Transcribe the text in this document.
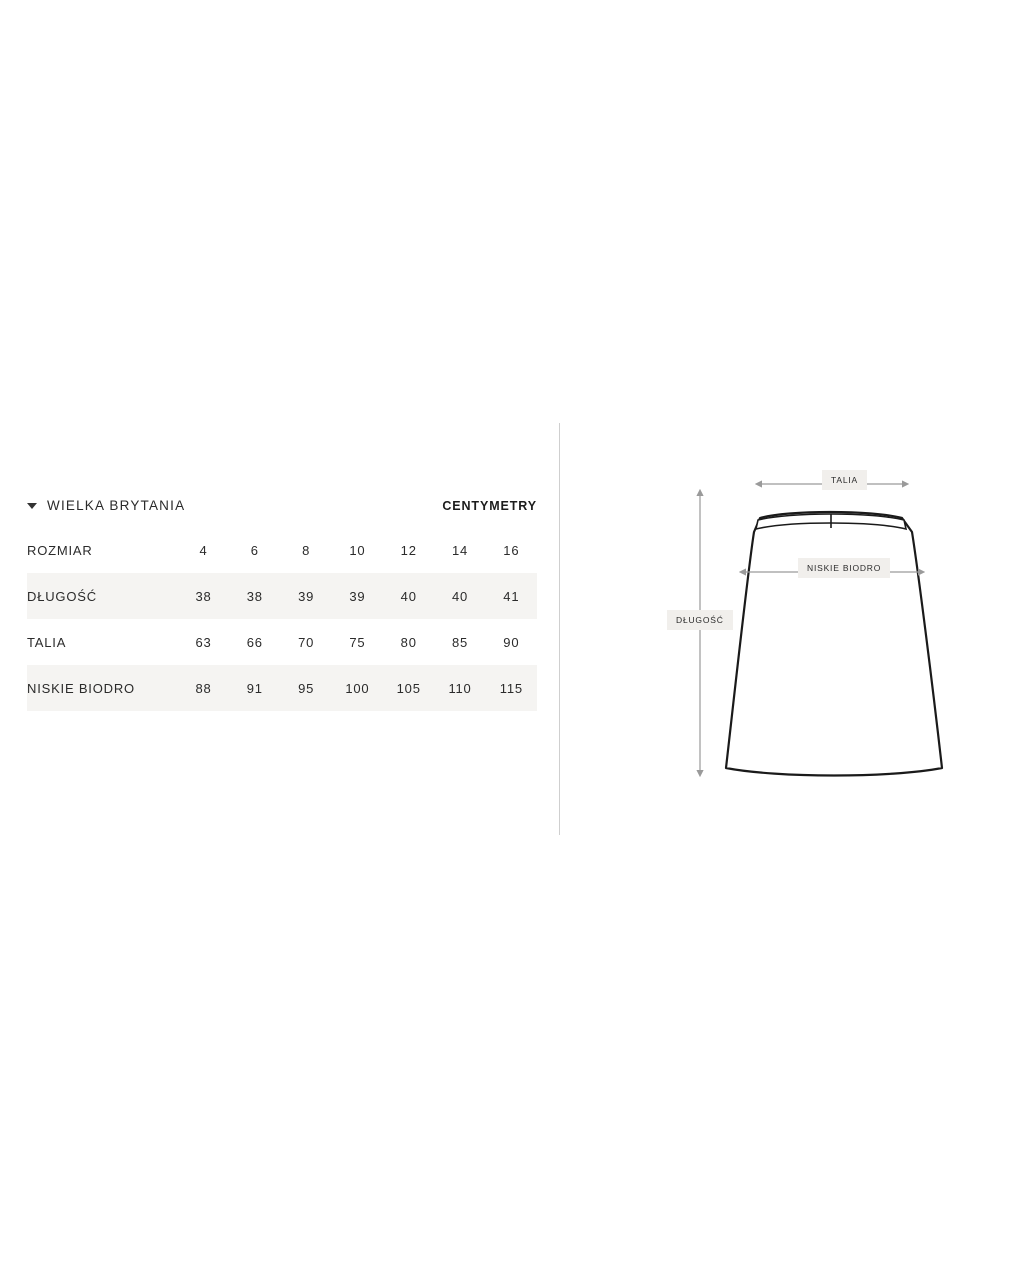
WIELKA BRYTANIA	CENTYMETRY
ROZMIAR	4	6	8	10	12	14	16
DŁUGOŚĆ	38	38	39	39	40	40	41
TALIA	63	66	70	75	80	85	90
NISKIE BIODRO	88	91	95	100	105	110	115
TALIA
NISKIE BIODRO
DŁUGOŚĆ
